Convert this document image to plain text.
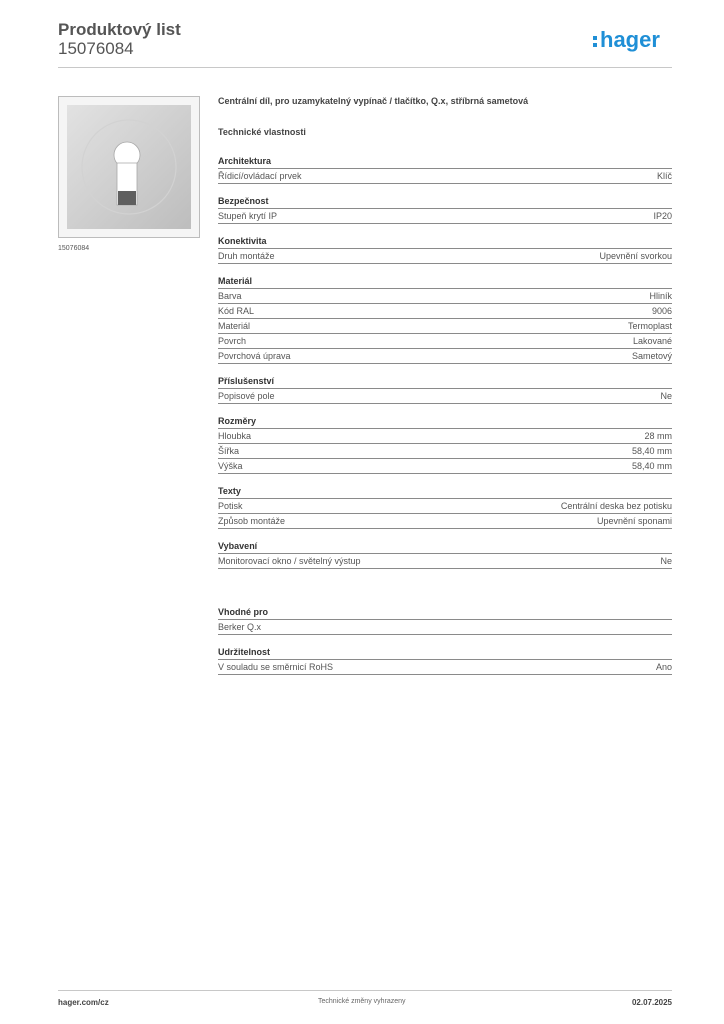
Produktový list
15076084	hager
15076084
Centrální díl, pro uzamykatelný vypínač / tlačítko, Q.x, stříbrná sametová
Technické vlastnosti
Architektura
Řídicí/ovládací prvek	Klíč
Bezpečnost
Stupeň krytí IP	IP20
Konektivita
Druh montáže	Upevnění svorkou
Materiál
Barva	Hliník
Kód RAL	9006
Materiál	Termoplast
Povrch	Lakované
Povrchová úprava	Sametový
Příslušenství
Popisové pole	Ne
Rozměry
Hloubka	28 mm
Šířka	58,40 mm
Výška	58,40 mm
Texty
Potisk	Centrální deska bez potisku
Způsob montáže	Upevnění sponami
Vybavení
Monitorovací okno / světelný výstup	Ne
Vhodné pro
Berker Q.x
Udržitelnost
V souladu se směrnicí RoHS	Ano
hager.com/cz	Technické změny vyhrazeny	02.07.2025
